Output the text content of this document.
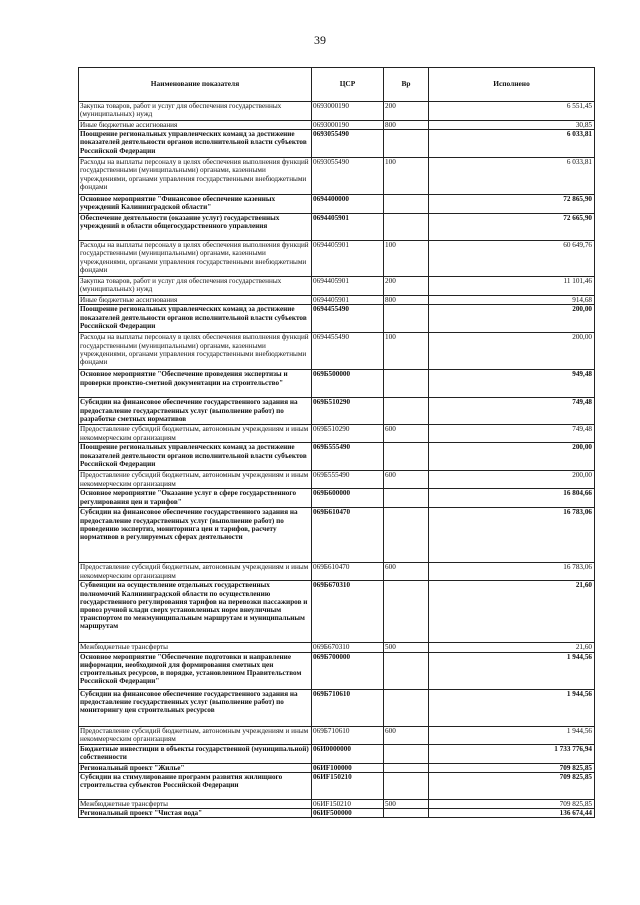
39
Наименование показателя	ЦСР	Вр	Исполнено
Закупка товаров, работ и услуг для обеспечения государственных (муниципальных) нужд	0693000190	200	6 551,45
Иные бюджетные ассигнования	0693000190	800	30,85
Поощрение региональных управленческих команд за достижение показателей деятельности органов исполнительной власти субъектов Российской Федерации	0693055490		6 033,81
Расходы на выплаты персоналу в целях обеспечения выполнения функций государственными (муниципальными) органами, казенными учреждениями, органами управления государственными внебюджетными фондами	0693055490	100	6 033,81
Основное мероприятие "Финансовое обеспечение казенных учреждений Калининградской области"	0694400000		72 865,90
Обеспечение деятельности (оказание услуг) государственных учреждений в области общегосударственного управления	0694405901		72 665,90
Расходы на выплаты персоналу в целях обеспечения выполнения функций государственными (муниципальными) органами, казенными учреждениями, органами управления государственными внебюджетными фондами	0694405901	100	60 649,76
Закупка товаров, работ и услуг для обеспечения государственных (муниципальных) нужд	0694405901	200	11 101,46
Иные бюджетные ассигнования	0694405901	800	914,68
Поощрение региональных управленческих команд за достижение показателей деятельности органов исполнительной власти субъектов Российской Федерации	0694455490		200,00
Расходы на выплаты персоналу в целях обеспечения выполнения функций государственными (муниципальными) органами, казенными учреждениями, органами управления государственными внебюджетными фондами	0694455490	100	200,00
Основное мероприятие "Обеспечение проведения экспертизы и проверки проектно-сметной документации на строительство"	069Б500000		949,48
Субсидии на финансовое обеспечение государственного задания на предоставление государственных услуг (выполнение работ) по разработке сметных нормативов	069Б510290		749,48
Предоставление субсидий бюджетным, автономным учреждениям и иным некоммерческим организациям	069Б510290	600	749,48
Поощрение региональных управленческих команд за достижение показателей деятельности органов исполнительной власти субъектов Российской Федерации	069Б555490		200,00
Предоставление субсидий бюджетным, автономным учреждениям и иным некоммерческим организациям	069Б555490	600	200,00
Основное мероприятие "Оказание услуг в сфере государственного регулирования цен и тарифов"	069Б600000		16 804,66
Субсидии на финансовое обеспечение государственного задания на предоставление государственных услуг (выполнение работ) по проведению экспертиз, мониторинга цен и тарифов, расчету нормативов в регулируемых сферах деятельности	069Б610470		16 783,06
Предоставление субсидий бюджетным, автономным учреждениям и иным некоммерческим организациям	069Б610470	600	16 783,06
Субвенции на осуществление отдельных государственных полномочий Калининградской области по осуществлению государственного регулирования тарифов на перевозки пассажиров и провоз ручной клади сверх установленных норм внеуличным транспортом по межмуниципальным маршрутам и муниципальным маршрутам	069Б670310		21,60
Межбюджетные трансферты	069Б670310	500	21,60
Основное мероприятие "Обеспечение подготовки и направление информации, необходимой для формирования сметных цен строительных ресурсов, в порядке, установленном Правительством Российской Федерации"	069Б700000		1 944,56
Субсидии на финансовое обеспечение государственного задания на предоставление государственных услуг (выполнение работ) по мониторингу цен строительных ресурсов	069Б710610		1 944,56
Предоставление субсидий бюджетным, автономным учреждениям и иным некоммерческим организациям	069Б710610	600	1 944,56
Бюджетные инвестиции в объекты государственной (муниципальной) собственности	06И0000000		1 733 776,94
Региональный проект "Жилье"	06ИF100000		709 825,85
Субсидии на стимулирование программ развития жилищного строительства субъектов Российской Федерации	06ИF150210		709 825,85
Межбюджетные трансферты	06ИF150210	500	709 825,85
Региональный проект "Чистая вода"	06ИF500000		136 674,44
